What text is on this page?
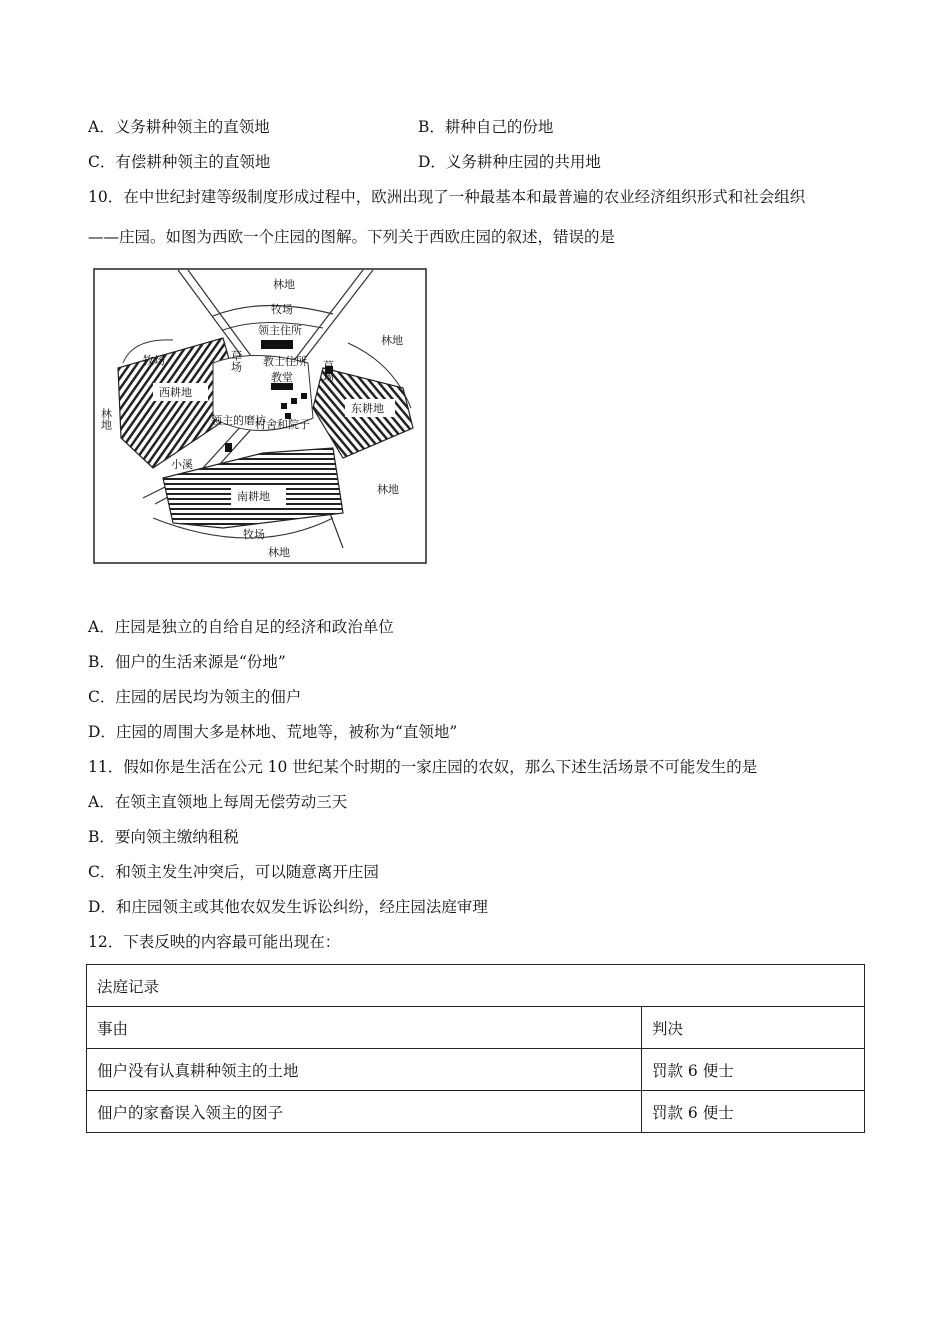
A．义务耕种领主的直领地	B．耕种自己的份地
C．有偿耕种领主的直领地	D．义务耕种庄园的共用地
10．在中世纪封建等级制度形成过程中，欧洲出现了一种最基本和最普遍的农业经济组织形式和社会组织
——庄园。如图为西欧一个庄园的图解。下列关于西欧庄园的叙述，错误的是
林地
牧场
领主住所
教士住所
教堂
草场	草场
牧场
西耕地
东耕地
林地
林地	领主的磨坊
村舍和院子
小溪
林地
南耕地
牧场
林地
A．庄园是独立的自给自足的经济和政治单位
B．佃户的生活来源是“份地”
C．庄园的居民均为领主的佃户
D．庄园的周围大多是林地、荒地等，被称为“直领地”
11．假如你是生活在公元 10 世纪某个时期的一家庄园的农奴，那么下述生活场景不可能发生的是
A．在领主直领地上每周无偿劳动三天
B．要向领主缴纳租税
C．和领主发生冲突后，可以随意离开庄园
D．和庄园领主或其他农奴发生诉讼纠纷，经庄园法庭审理
12．下表反映的内容最可能出现在：
法庭记录	
事由	判决
佃户没有认真耕种领主的土地	罚款 6 便士
佃户的家畜误入领主的囡子	罚款 6 便士
